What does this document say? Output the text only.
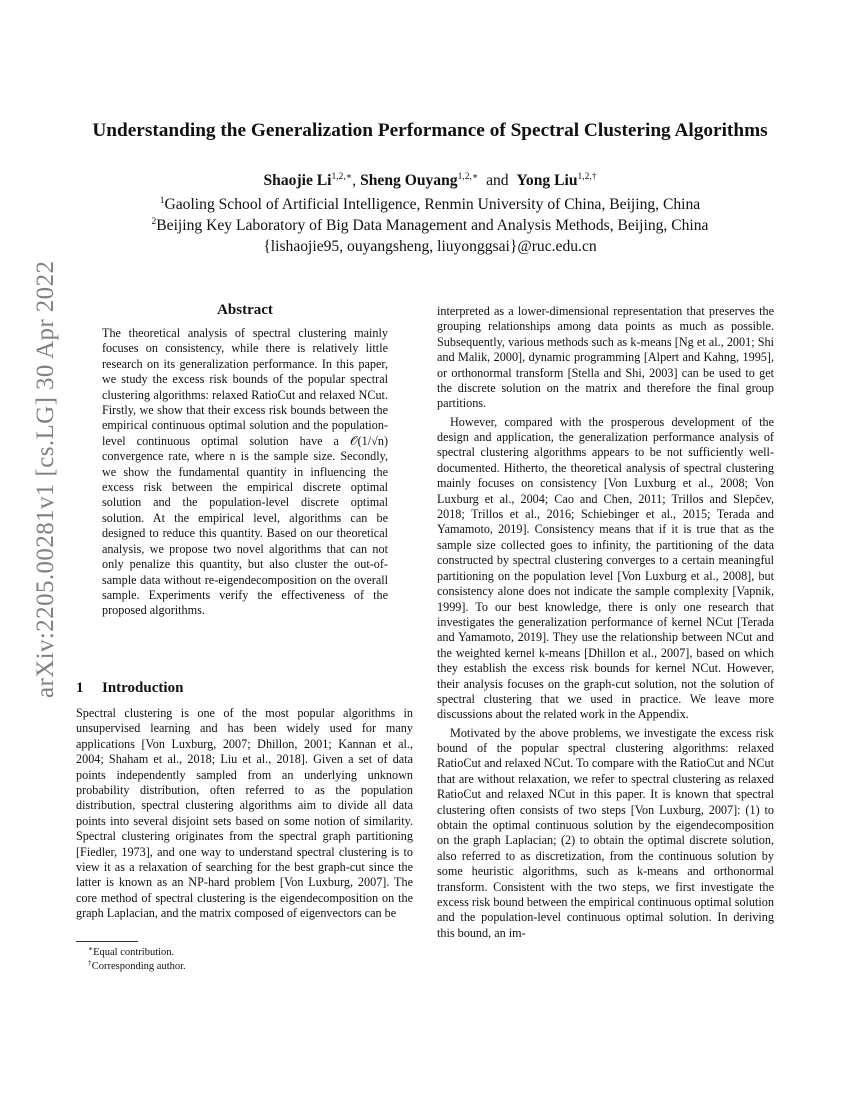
arXiv:2205.00281v1 [cs.LG] 30 Apr 2022
Understanding the Generalization Performance of Spectral Clustering Algorithms
Shaojie $Li^{1,2,∗}$, Sheng Ouyang$^{1,2,∗}$ and Yong Liu$^{1,2,\dagger}$
$^1$Gaoling School of Artificial Intelligence, Renmin University of China, Beijing, China
$^2$Beijing Key Laboratory of Big Data Management and Analysis Methods, Beijing, China
{lishaojie95, ouyangsheng, liuyonggsai}@ruc.edu.cn
Abstract

The theoretical analysis of spectral clustering mainly focuses on consistency, while there is relatively little research on its generalization performance. In this paper, we study the excess risk bounds of the popular spectral clustering algorithms: relaxed RatioCut and relaxed NCut. Firstly, we show that their excess risk bounds between the empirical continuous optimal solution and the population-level continuous optimal solution have a 𝒪(1/√n) convergence rate, where n is the sample size. Secondly, we show the fundamental quantity in influencing the excess risk between the empirical discrete optimal solution and the population-level discrete optimal solution. At the empirical level, algorithms can be designed to reduce this quantity. Based on our theoretical analysis, we propose two novel algorithms that can not only penalize this quantity, but also cluster the out-of-sample data without re-eigendecomposition on the overall sample. Experiments verify the effectiveness of the proposed algorithms.

1 Introduction

Spectral clustering is one of the most popular algorithms in unsupervised learning and has been widely used for many applications [Von Luxburg, 2007; Dhillon, 2001; Kannan et al., 2004; Shaham et al., 2018; Liu et al., 2018]. Given a set of data points independently sampled from an underlying unknown probability distribution, often referred to as the population distribution, spectral clustering algorithms aim to divide all data points into several disjoint sets based on some notion of similarity. Spectral clustering originates from the spectral graph partitioning [Fiedler, 1973], and one way to understand spectral clustering is to view it as a relaxation of searching for the best graph-cut since the latter is known as an NP-hard problem [Von Luxburg, 2007]. The core method of spectral clustering is the eigendecomposition on the graph Laplacian, and the matrix composed of eigenvectors can be

∗Equal contribution.
†Corresponding author.

interpreted as a lower-dimensional representation that preserves the grouping relationships among data points as much as possible. Subsequently, various methods such as k-means [Ng et al., 2001; Shi and Malik, 2000], dynamic programming [Alpert and Kahng, 1995], or orthonormal transform [Stella and Shi, 2003] can be used to get the discrete solution on the matrix and therefore the final group partitions.

However, compared with the prosperous development of the design and application, the generalization performance analysis of spectral clustering algorithms appears to be not sufficiently well-documented. Hitherto, the theoretical analysis of spectral clustering mainly focuses on consistency [Von Luxburg et al., 2008; Von Luxburg et al., 2004; Cao and Chen, 2011; Trillos and Slepčev, 2018; Trillos et al., 2016; Schiebinger et al., 2015; Terada and Yamamoto, 2019]. Consistency means that if it is true that as the sample size collected goes to infinity, the partitioning of the data constructed by spectral clustering converges to a certain meaningful partitioning on the population level [Von Luxburg et al., 2008], but consistency alone does not indicate the sample complexity [Vapnik, 1999]. To our best knowledge, there is only one research that investigates the generalization performance of kernel NCut [Terada and Yamamoto, 2019]. They use the relationship between NCut and the weighted kernel k-means [Dhillon et al., 2007], based on which they establish the excess risk bounds for kernel NCut. However, their analysis focuses on the graph-cut solution, not the solution of spectral clustering that we used in practice. We leave more discussions about the related work in the Appendix.

Motivated by the above problems, we investigate the excess risk bound of the popular spectral clustering algorithms: relaxed RatioCut and relaxed NCut. To compare with the RatioCut and NCut that are without relaxation, we refer to spectral clustering as relaxed RatioCut and relaxed NCut in this paper. It is known that spectral clustering often consists of two steps [Von Luxburg, 2007]: (1) to obtain the optimal continuous solution by the eigendecomposition on the graph Laplacian; (2) to obtain the optimal discrete solution, also referred to as discretization, from the continuous solution by some heuristic algorithms, such as k-means and orthonormal transform. Consistent with the two steps, we first investigate the excess risk bound between the empirical continuous optimal solution and the population-level continuous optimal solution. In deriving this bound, an im-
